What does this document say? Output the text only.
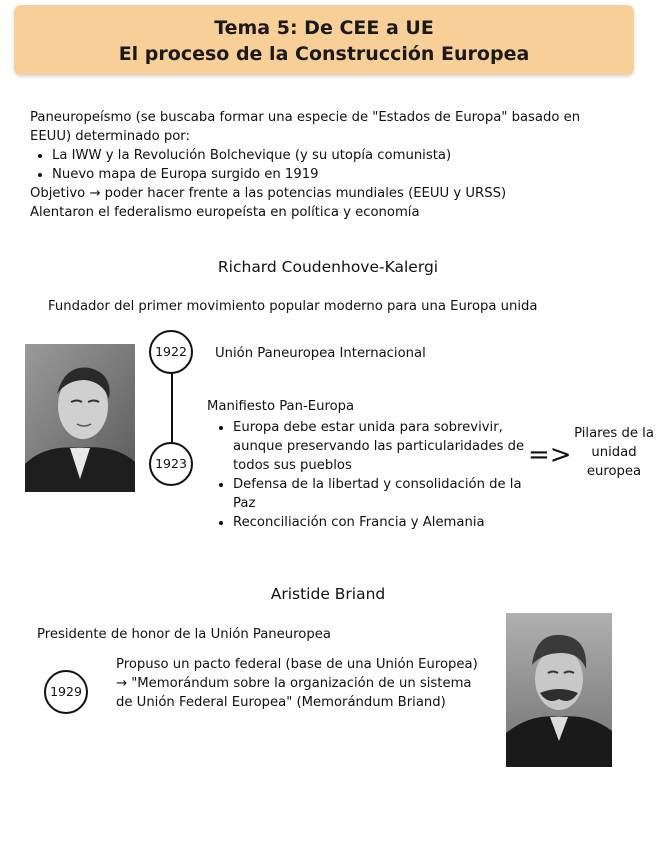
Tema 5: De CEE a UE
El proceso de la Construcción Europea

Paneuropeísmo (se buscaba formar una especie de "Estados de Europa" basado en EEUU) determinado por:

• La IWW y la Revolución Bolchevique (y su utopía comunista)
• Nuevo mapa de Europa surgido en 1919

Objetivo → poder hacer frente a las potencias mundiales (EEUU y URSS)

Alentaron el federalismo europeísta en política y economía

Richard Coudenhove-Kalergi
Fundador del primer movimiento popular moderno para una Europa unida
1922
1923
Unión Paneuropea Internacional
Manifiesto Pan-Europa
• Europa debe estar unida para sobrevivir, aunque preservando las particularidades de todos sus pueblos
• Defensa de la libertad y consolidación de la Paz
• Reconciliación con Francia y Alemania
=>
Pilares de la unidad europea
Aristide Briand
Presidente de honor de la Unión Paneuropea
1929
Propuso un pacto federal (base de una Unión Europea) → "Memorándum sobre la organización de un sistema de Unión Federal Europea" (Memorándum Briand)
